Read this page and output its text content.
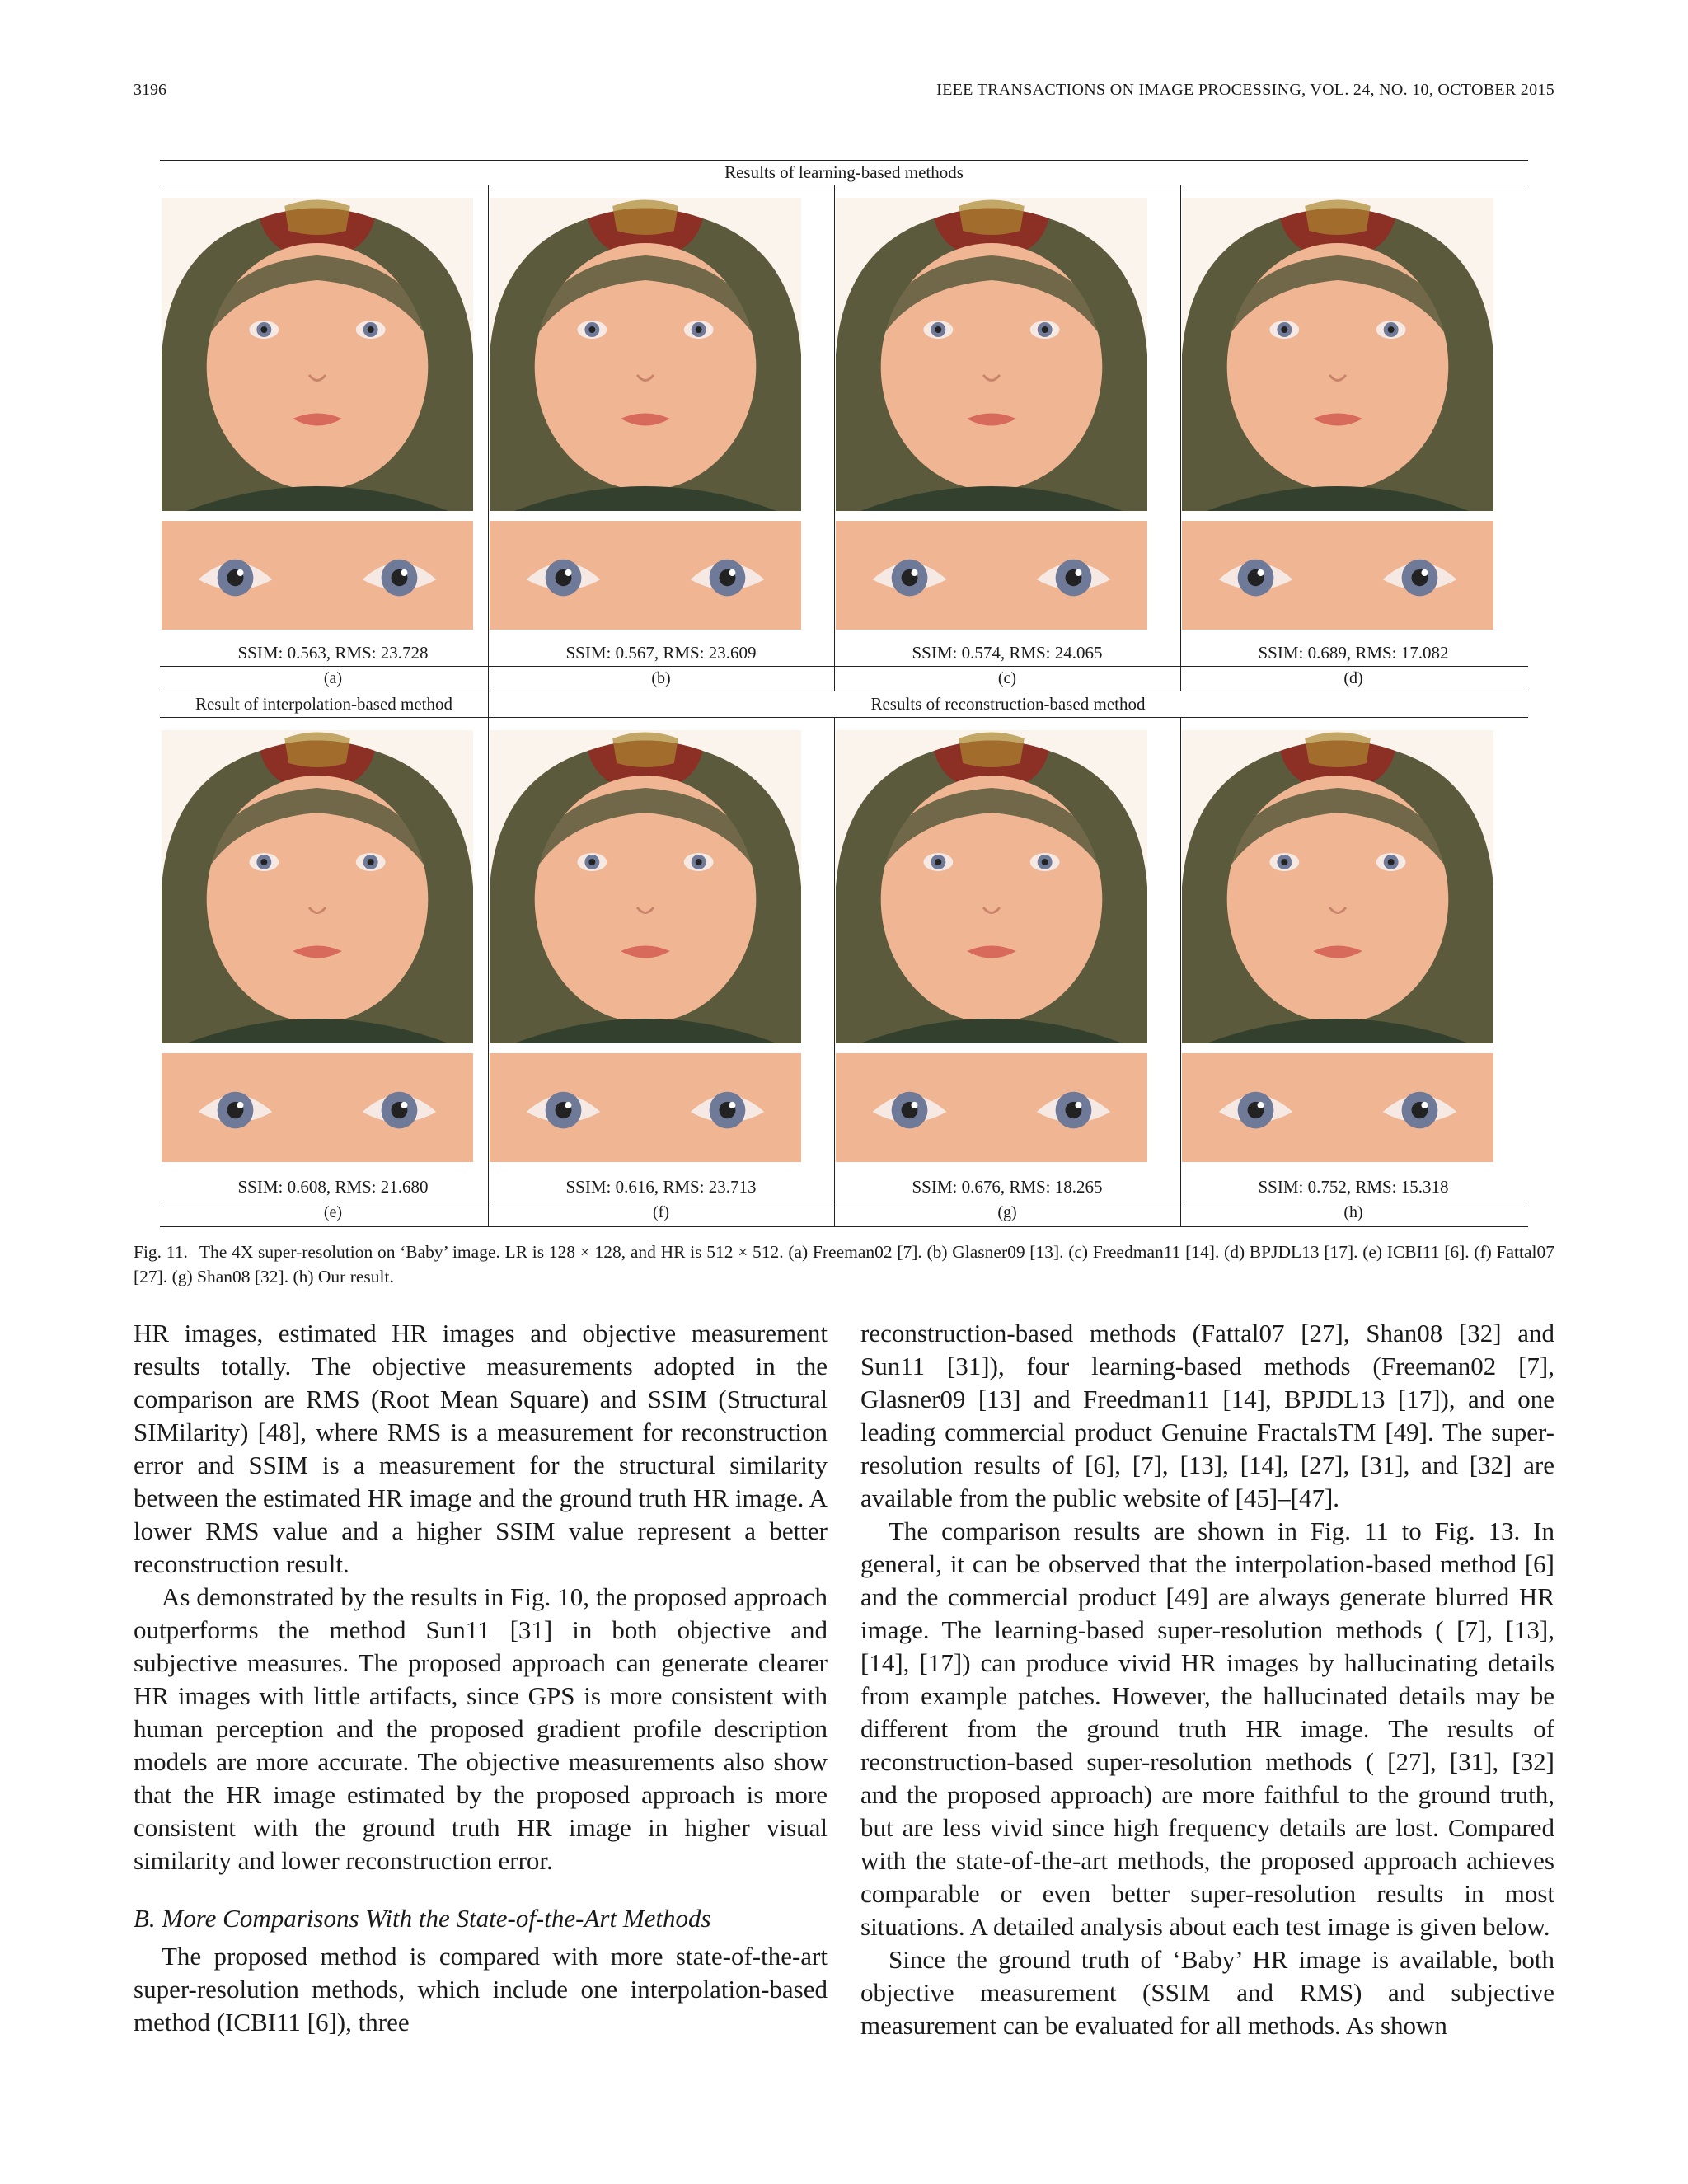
3196	IEEE TRANSACTIONS ON IMAGE PROCESSING, VOL. 24, NO. 10, OCTOBER 2015
Results of learning-based methods
Result of interpolation-based method	Results of reconstruction-based method
SSIM: 0.563, RMS: 23.728
(a)
SSIM: 0.567, RMS: 23.609
(b)
SSIM: 0.574, RMS: 24.065
(c)
SSIM: 0.689, RMS: 17.082
(d)
SSIM: 0.608, RMS: 21.680
(e)
SSIM: 0.616, RMS: 23.713
(f)
SSIM: 0.676, RMS: 18.265
(g)
SSIM: 0.752, RMS: 15.318
(h)
Fig. 11. The 4X super-resolution on ‘Baby’ image. LR is 128 × 128, and HR is 512 × 512. (a) Freeman02 [7]. (b) Glasner09 [13]. (c) Freedman11 [14]. (d) BPJDL13 [17]. (e) ICBI11 [6]. (f) Fattal07 [27]. (g) Shan08 [32]. (h) Our result.

HR images, estimated HR images and objective measurement results totally. The objective measurements adopted in the comparison are RMS (Root Mean Square) and SSIM (Structural SIMilarity) [48], where RMS is a measurement for reconstruction error and SSIM is a measurement for the structural similarity between the estimated HR image and the ground truth HR image. A lower RMS value and a higher SSIM value represent a better reconstruction result.

As demonstrated by the results in Fig. 10, the proposed approach outperforms the method Sun11 [31] in both objective and subjective measures. The proposed approach can generate clearer HR images with little artifacts, since GPS is more consistent with human perception and the proposed gradient profile description models are more accurate. The objective measurements also show that the HR image estimated by the proposed approach is more consistent with the ground truth HR image in higher visual similarity and lower reconstruction error.

B. More Comparisons With the State-of-the-Art Methods

The proposed method is compared with more state-of-the-art super-resolution methods, which include one interpolation-based method (ICBI11 [6]), three

reconstruction-based methods (Fattal07 [27], Shan08 [32] and Sun11 [31]), four learning-based methods (Freeman02 [7], Glasner09 [13] and Freedman11 [14], BPJDL13 [17]), and one leading commercial product Genuine FractalsTM [49]. The super-resolution results of [6], [7], [13], [14], [27], [31], and [32] are available from the public website of [45]–[47].

The comparison results are shown in Fig. 11 to Fig. 13. In general, it can be observed that the interpolation-based method [6] and the commercial product [49] are always generate blurred HR image. The learning-based super-resolution methods ( [7], [13], [14], [17]) can produce vivid HR images by hallucinating details from example patches. However, the hallucinated details may be different from the ground truth HR image. The results of reconstruction-based super-resolution methods ( [27], [31], [32] and the proposed approach) are more faithful to the ground truth, but are less vivid since high frequency details are lost. Compared with the state-of-the-art methods, the proposed approach achieves comparable or even better super-resolution results in most situations. A detailed analysis about each test image is given below.

Since the ground truth of ‘Baby’ HR image is available, both objective measurement (SSIM and RMS) and subjective measurement can be evaluated for all methods. As shown
